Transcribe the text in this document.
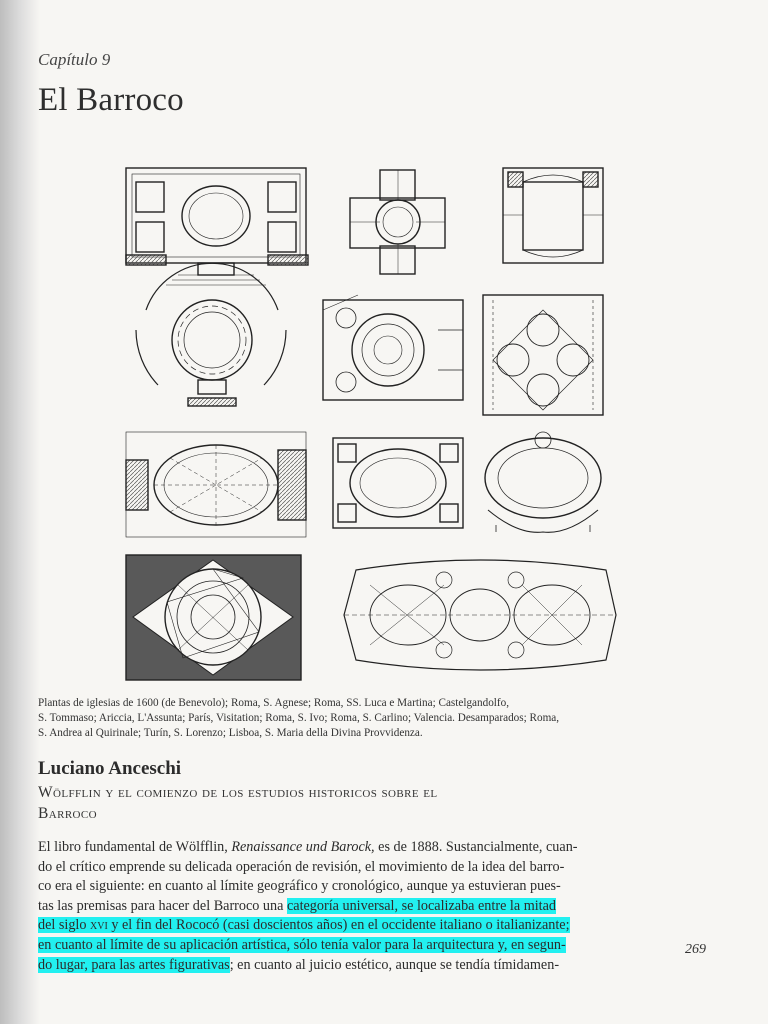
Capítulo 9
El Barroco

Plantas de iglesias de 1600 (de Benevolo); Roma, S. Agnese; Roma, SS. Luca e Martina; Castelgandolfo,

S. Tommaso; Ariccia, L'Assunta; París, Visitation; Roma, S. Ivo; Roma, S. Carlino; Valencia. Desamparados; Roma,

S. Andrea al Quirinale; Turín, S. Lorenzo; Lisboa, S. Maria della Divina Provvidenza.

Luciano Anceschi

Wölfflin y el comienzo de los estudios historicos sobre el

Barroco

El libro fundamental de Wölfflin, Renaissance und Barock, es de 1888. Sustancialmente, cuan-
do el crítico emprende su delicada operación de revisión, el movimiento de la idea del barro-
co era el siguiente: en cuanto al límite geográfico y cronológico, aunque ya estuvieran pues-
tas las premisas para hacer del Barroco una categoría universal, se localizaba entre la mitad
del siglo xvi y el fin del Rococó (casi doscientos años) en el occidente italiano o italianizante;
en cuanto al límite de su aplicación artística, sólo tenía valor para la arquitectura y, en segun-
do lugar, para las artes figurativas; en cuanto al juicio estético, aunque se tendía tímidamen-
269
